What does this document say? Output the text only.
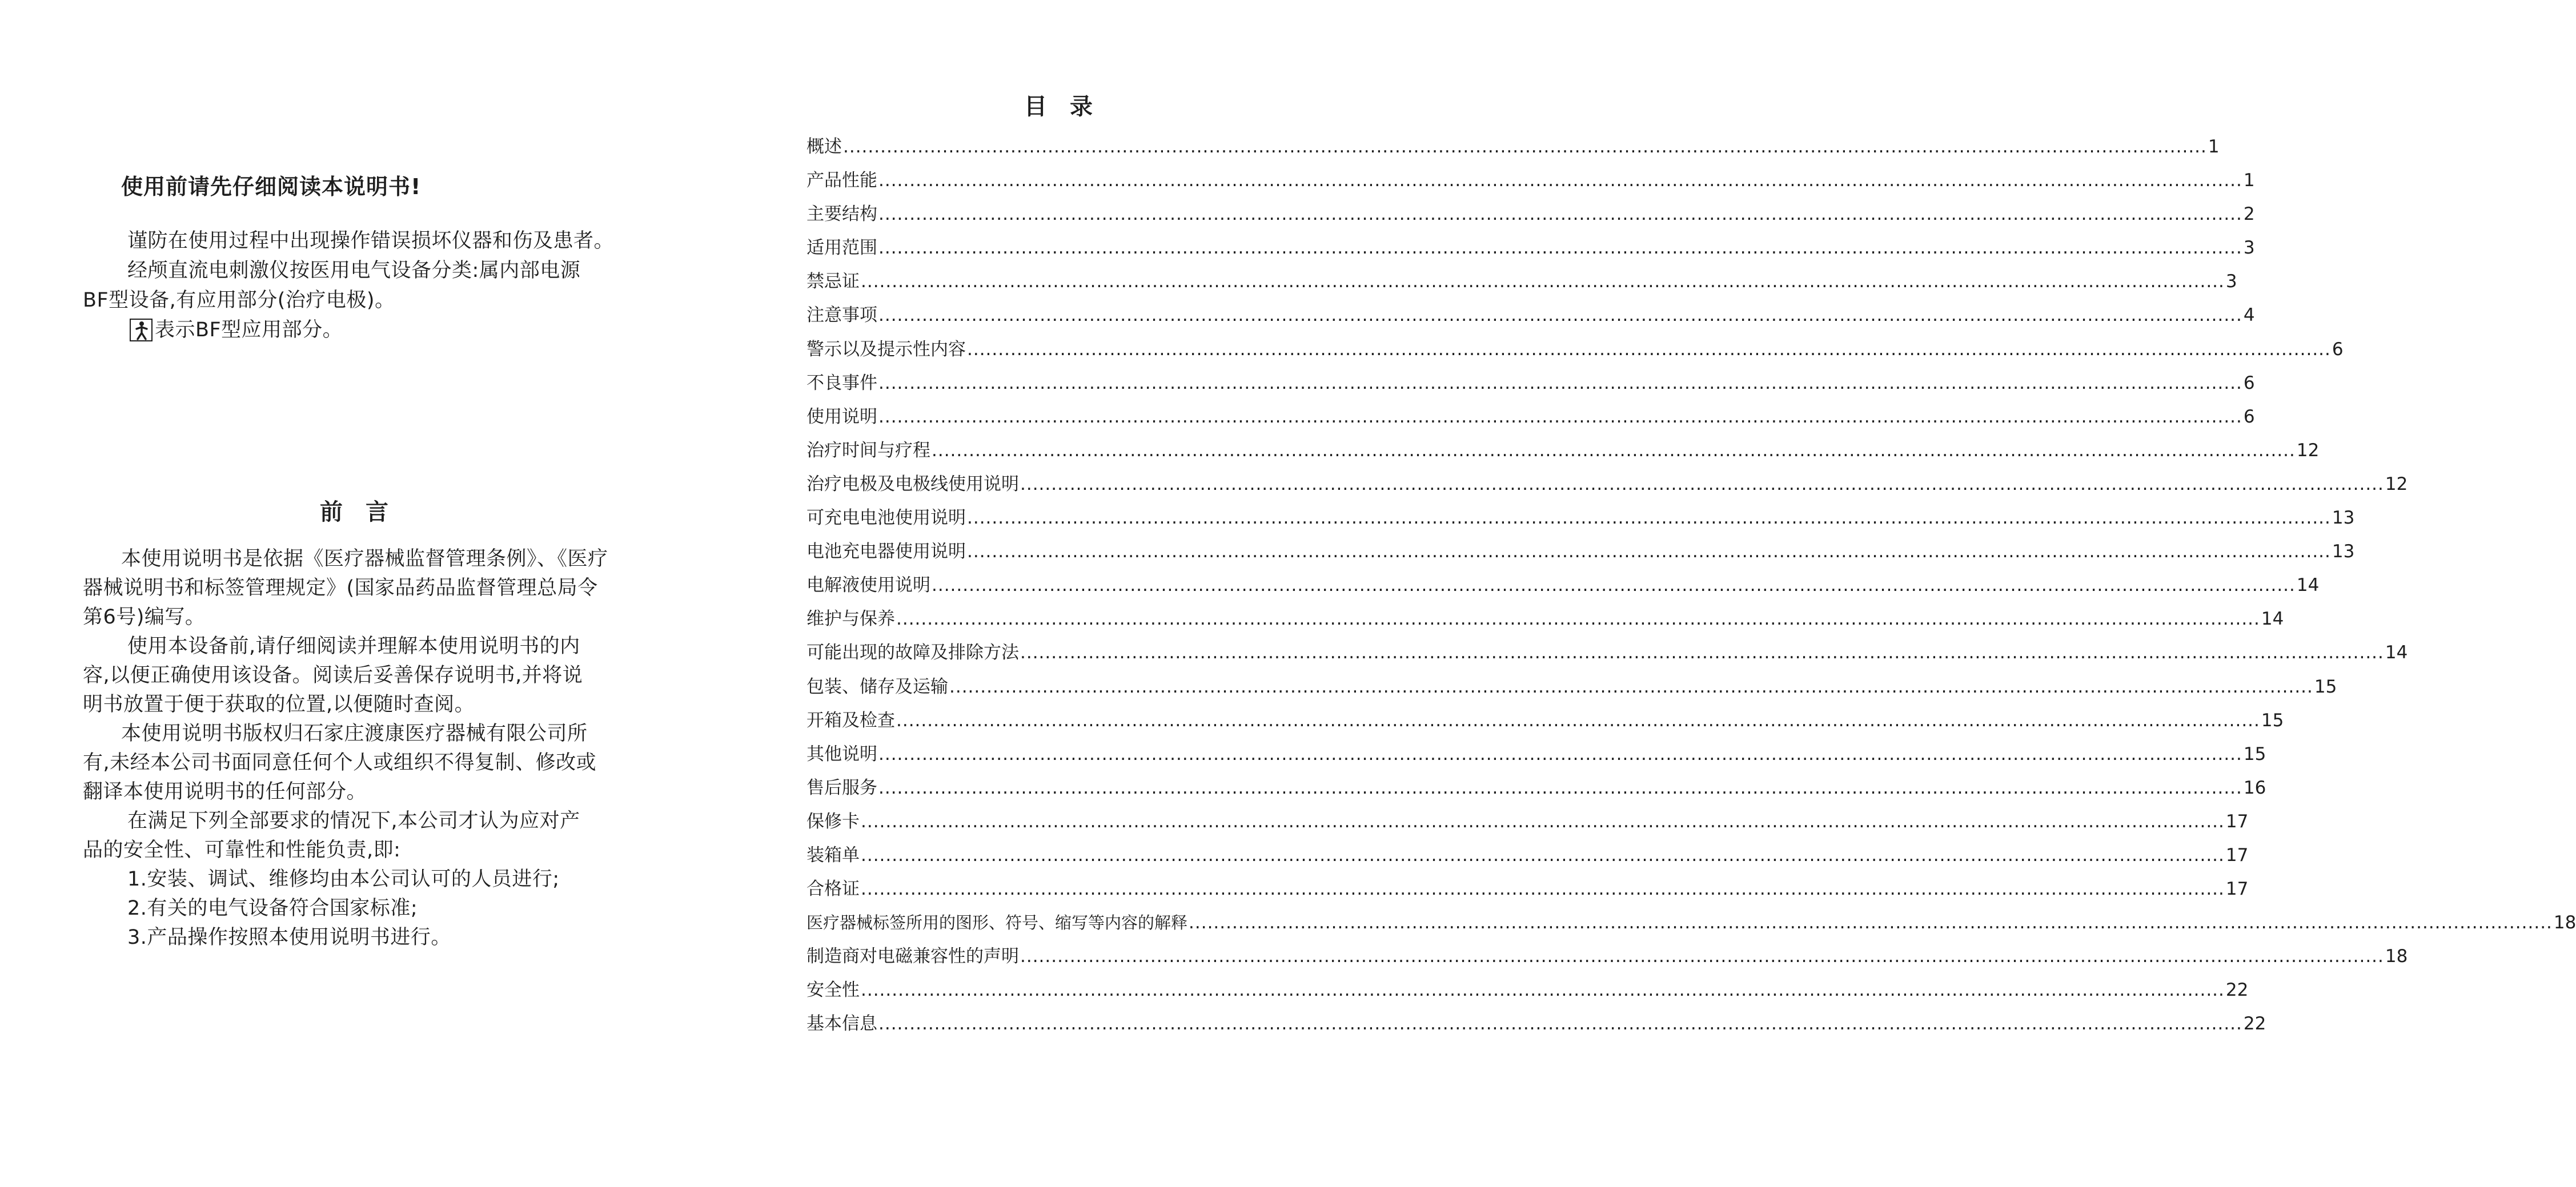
使用前请先仔细阅读本说明书!

谨防在使用过程中出现操作错误损坏仪器和伤及患者。

经颅直流电刺激仪按医用电气设备分类:属内部电源

BF型设备,有应用部分(治疗电极)。

表示BF型应用部分。
前言

本使用说明书是依据《医疗器械监督管理条例》、《医疗

器械说明书和标签管理规定》(国家品药品监督管理总局令

第6号)编写。

使用本设备前,请仔细阅读并理解本使用说明书的内

容,以便正确使用该设备。阅读后妥善保存说明书,并将说

明书放置于便于获取的位置,以便随时查阅。

本使用说明书版权归石家庄渡康医疗器械有限公司所

有,未经本公司书面同意任何个人或组织不得复制、修改或

翻译本使用说明书的任何部分。

在满足下列全部要求的情况下,本公司才认为应对产

品的安全性、可靠性和性能负责,即:

1.安装、调试、维修均由本公司认可的人员进行;

2.有关的电气设备符合国家标准;

3.产品操作按照本使用说明书进行。

目录
概述 ............................................................................................................................................................................................................................ 1
产品性能 ............................................................................................................................................................................................................................ 1
主要结构 ............................................................................................................................................................................................................................ 2
适用范围 ............................................................................................................................................................................................................................ 3
禁忌证 ............................................................................................................................................................................................................................ 3
注意事项 ............................................................................................................................................................................................................................ 4
警示以及提示性内容 ............................................................................................................................................................................................................................ 6
不良事件 ............................................................................................................................................................................................................................ 6
使用说明 ............................................................................................................................................................................................................................ 6
治疗时间与疗程 ............................................................................................................................................................................................................................ 12
治疗电极及电极线使用说明 ............................................................................................................................................................................................................................ 12
可充电电池使用说明 ............................................................................................................................................................................................................................ 13
电池充电器使用说明 ............................................................................................................................................................................................................................ 13
电解液使用说明 ............................................................................................................................................................................................................................ 14
维护与保养 ............................................................................................................................................................................................................................ 14
可能出现的故障及排除方法 ............................................................................................................................................................................................................................ 14
包装、储存及运输 ............................................................................................................................................................................................................................ 15
开箱及检查 ............................................................................................................................................................................................................................ 15
其他说明 ............................................................................................................................................................................................................................ 15
售后服务 ............................................................................................................................................................................................................................ 16
保修卡 ............................................................................................................................................................................................................................ 17
装箱单 ............................................................................................................................................................................................................................ 17
合格证 ............................................................................................................................................................................................................................ 17
医疗器械标签所用的图形、符号、缩写等内容的解释 ............................................................................................................................................................................................................................ 18
制造商对电磁兼容性的声明 ............................................................................................................................................................................................................................ 18
安全性 ............................................................................................................................................................................................................................ 22
基本信息 ............................................................................................................................................................................................................................ 22
